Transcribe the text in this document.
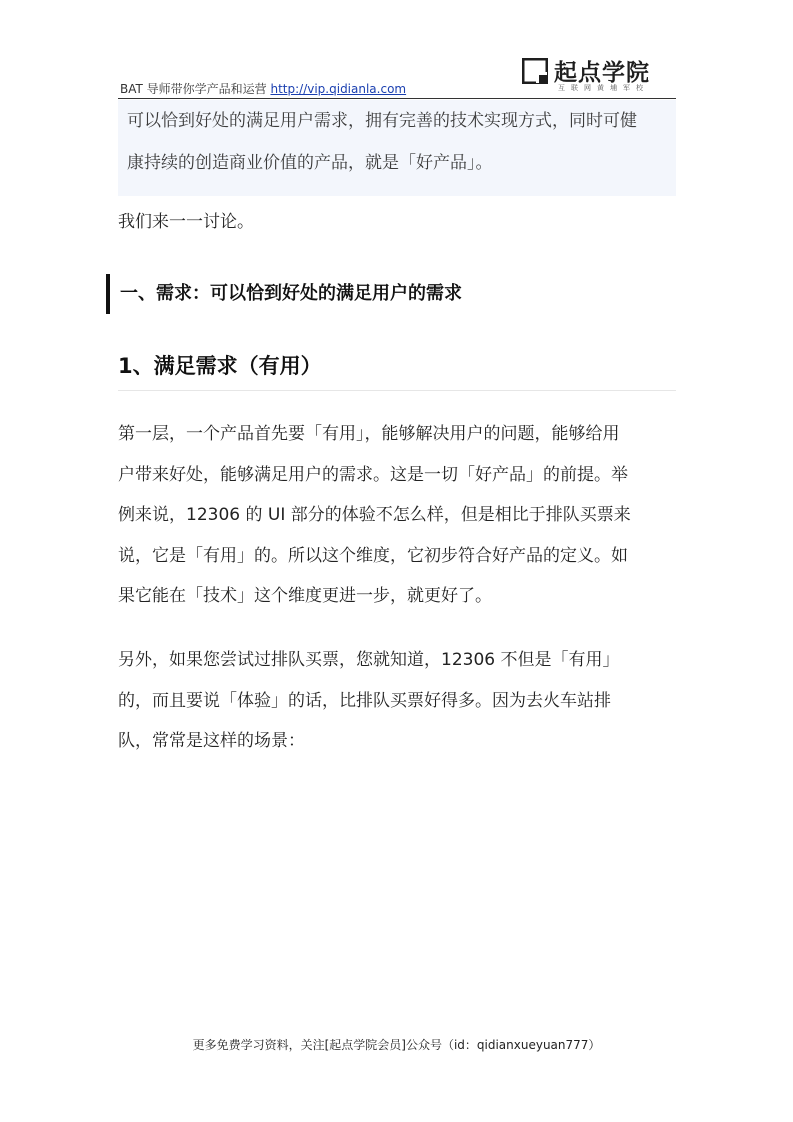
BAT 导师带你学产品和运营 http://vip.qidianla.com
起点学院
互联网黄埔军校

可以恰到好处的满足用户需求，拥有完善的技术实现方式，同时可健

康持续的创造商业价值的产品，就是「好产品」。

我们来一一讨论。

一、需求：可以恰到好处的满足用户的需求
1、满足需求（有用）
第一层，一个产品首先要「有用」，能够解决用户的问题，能够给用
户带来好处，能够满足用户的需求。这是一切「好产品」的前提。举
例来说，12306 的 UI 部分的体验不怎么样，但是相比于排队买票来
说，它是「有用」的。所以这个维度，它初步符合好产品的定义。如
果它能在「技术」这个维度更进一步，就更好了。
另外，如果您尝试过排队买票，您就知道，12306 不但是「有用」
的，而且要说「体验」的话，比排队买票好得多。因为去火车站排
队，常常是这样的场景：
更多免费学习资料，关注[起点学院会员]公众号（id：qidianxueyuan777）
